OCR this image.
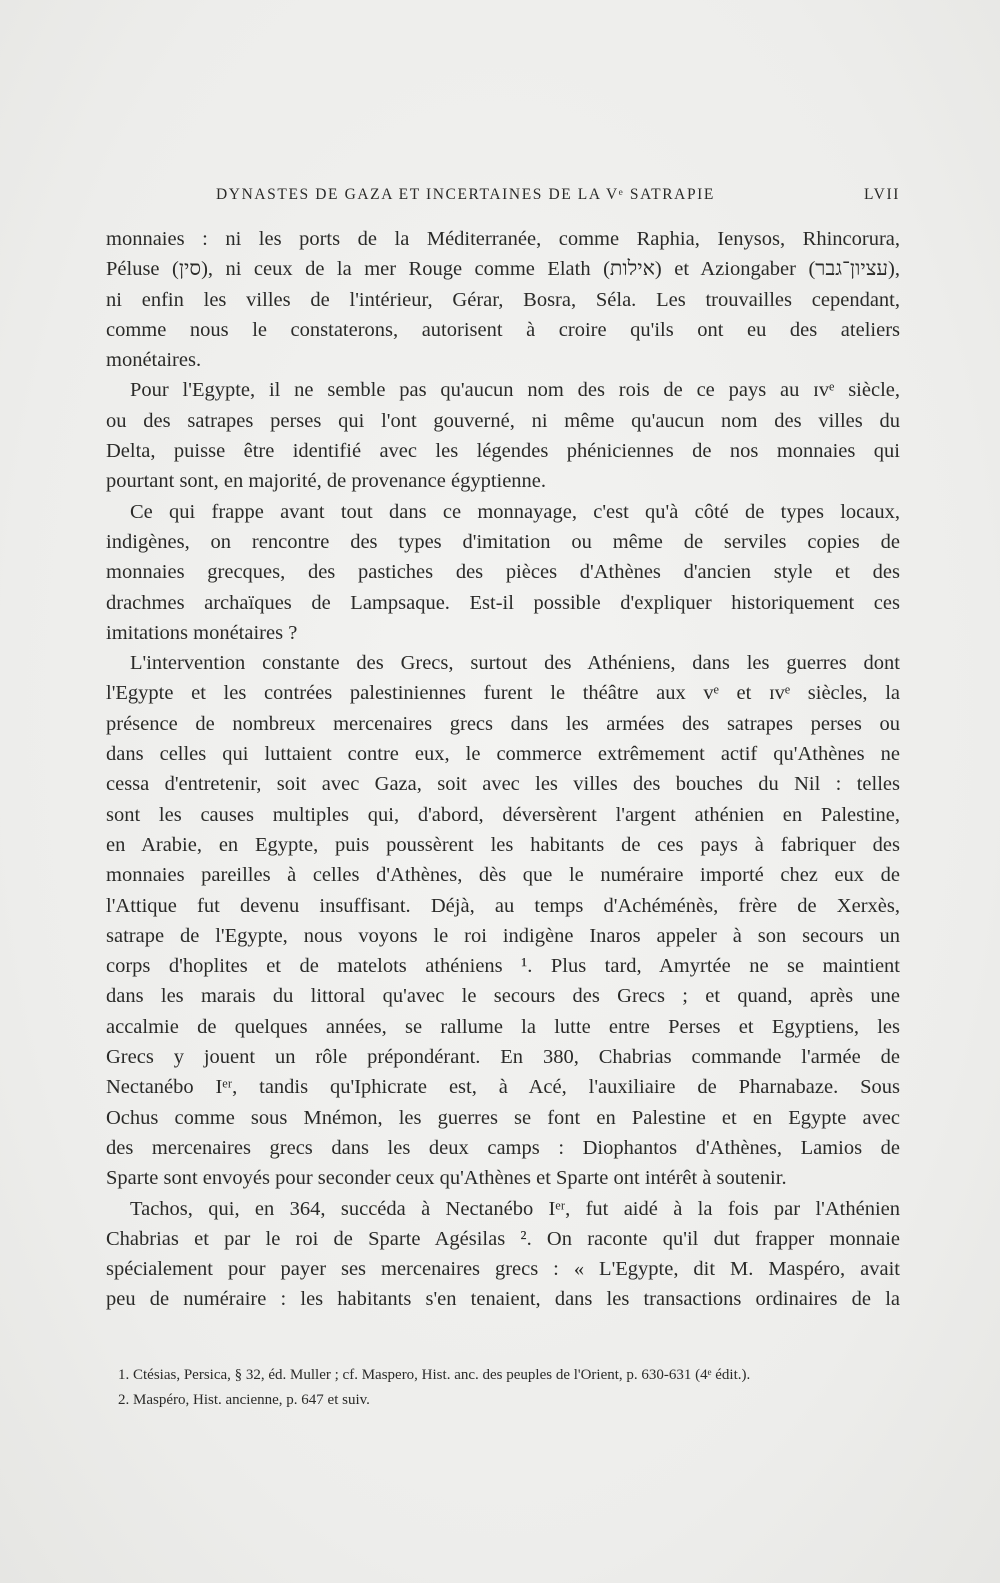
DYNASTES DE GAZA ET INCERTAINES DE LA Vᵉ SATRAPIE	LVII
monnaies : ni les ports de la Méditerranée, comme Raphia, Ienysos, Rhincorura,
Péluse (סין), ni ceux de la mer Rouge comme Elath (אילות) et Aziongaber (עציון־גבר),
ni enfin les villes de l'intérieur, Gérar, Bosra, Séla. Les trouvailles cependant,
comme nous le constaterons, autorisent à croire qu'ils ont eu des ateliers
monétaires.
Pour l'Egypte, il ne semble pas qu'aucun nom des rois de ce pays au ɪvᵉ siècle,
ou des satrapes perses qui l'ont gouverné, ni même qu'aucun nom des villes du
Delta, puisse être identifié avec les légendes phéniciennes de nos monnaies qui
pourtant sont, en majorité, de provenance égyptienne.
Ce qui frappe avant tout dans ce monnayage, c'est qu'à côté de types locaux,
indigènes, on rencontre des types d'imitation ou même de serviles copies de
monnaies grecques, des pastiches des pièces d'Athènes d'ancien style et des
drachmes archaïques de Lampsaque. Est-il possible d'expliquer historiquement ces
imitations monétaires ?
L'intervention constante des Grecs, surtout des Athéniens, dans les guerres dont
l'Egypte et les contrées palestiniennes furent le théâtre aux vᵉ et ɪvᵉ siècles, la
présence de nombreux mercenaires grecs dans les armées des satrapes perses ou
dans celles qui luttaient contre eux, le commerce extrêmement actif qu'Athènes ne
cessa d'entretenir, soit avec Gaza, soit avec les villes des bouches du Nil : telles
sont les causes multiples qui, d'abord, déversèrent l'argent athénien en Palestine,
en Arabie, en Egypte, puis poussèrent les habitants de ces pays à fabriquer des
monnaies pareilles à celles d'Athènes, dès que le numéraire importé chez eux de
l'Attique fut devenu insuffisant. Déjà, au temps d'Achéménès, frère de Xerxès,
satrape de l'Egypte, nous voyons le roi indigène Inaros appeler à son secours un
corps d'hoplites et de matelots athéniens ¹. Plus tard, Amyrtée ne se maintient
dans les marais du littoral qu'avec le secours des Grecs ; et quand, après une
accalmie de quelques années, se rallume la lutte entre Perses et Egyptiens, les
Grecs y jouent un rôle prépondérant. En 380, Chabrias commande l'armée de
Nectanébo Iᵉʳ, tandis qu'Iphicrate est, à Acé, l'auxiliaire de Pharnabaze. Sous
Ochus comme sous Mnémon, les guerres se font en Palestine et en Egypte avec
des mercenaires grecs dans les deux camps : Diophantos d'Athènes, Lamios de
Sparte sont envoyés pour seconder ceux qu'Athènes et Sparte ont intérêt à soutenir.
Tachos, qui, en 364, succéda à Nectanébo Iᵉʳ, fut aidé à la fois par l'Athénien
Chabrias et par le roi de Sparte Agésilas ². On raconte qu'il dut frapper monnaie
spécialement pour payer ses mercenaires grecs : « L'Egypte, dit M. Maspéro, avait
peu de numéraire : les habitants s'en tenaient, dans les transactions ordinaires de la
1. Ctésias, Persica, § 32, éd. Muller ; cf. Maspero, Hist. anc. des peuples de l'Orient, p. 630-631 (4ᵉ édit.).
2. Maspéro, Hist. ancienne, p. 647 et suiv.
